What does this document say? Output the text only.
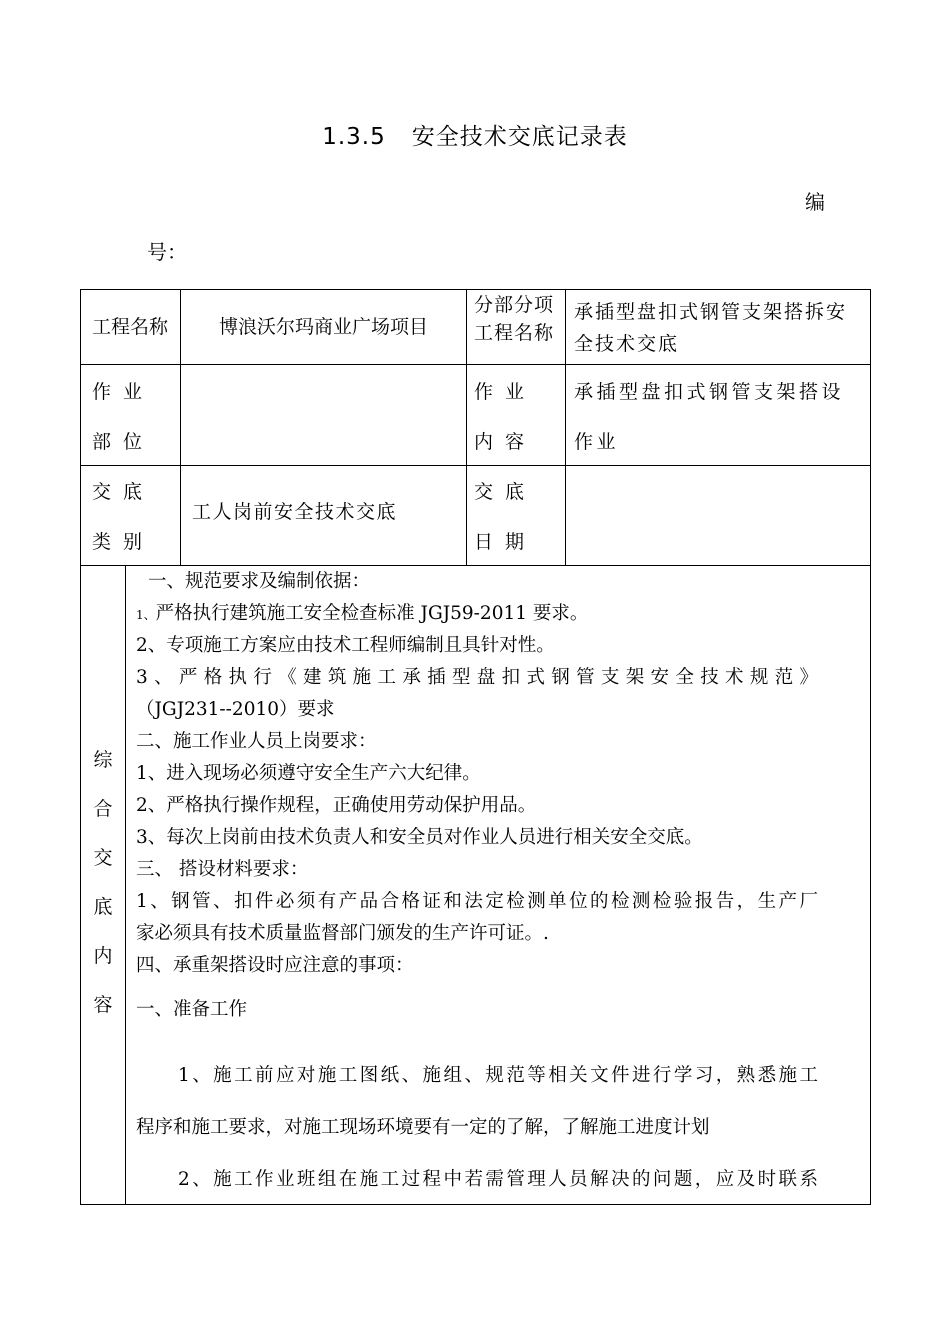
1.3.5 安全技术交底记录表
编
号：
工程名称	博浪沃尔玛商业广场项目
分部分项工程名称
承插型盘扣式钢管支架搭拆安全技术交底
作业部位
作业内容
承插型盘扣式钢管支架搭设作业
交底类别
工人岗前安全技术交底
交底日期
综合交底内容
一、规范要求及编制依据：
1、严格执行建筑施工安全检查标准 JGJ59-2011 要求。
2、专项施工方案应由技术工程师编制且具针对性。
3、严格执行《建筑施工承插型盘扣式钢管支架安全技术规范》
（JGJ231--2010）要求
二、施工作业人员上岗要求：
1、进入现场必须遵守安全生产六大纪律。
2、严格执行操作规程，正确使用劳动保护用品。
3、每次上岗前由技术负责人和安全员对作业人员进行相关安全交底。
三、 搭设材料要求：
1、钢管、扣件必须有产品合格证和法定检测单位的检测检验报告，生产厂
家必须具有技术质量监督部门颁发的生产许可证。.
四、承重架搭设时应注意的事项：
一、准备工作
1、施工前应对施工图纸、施组、规范等相关文件进行学习，熟悉施工
程序和施工要求，对施工现场环境要有一定的了解，了解施工进度计划
2、施工作业班组在施工过程中若需管理人员解决的问题，应及时联系
